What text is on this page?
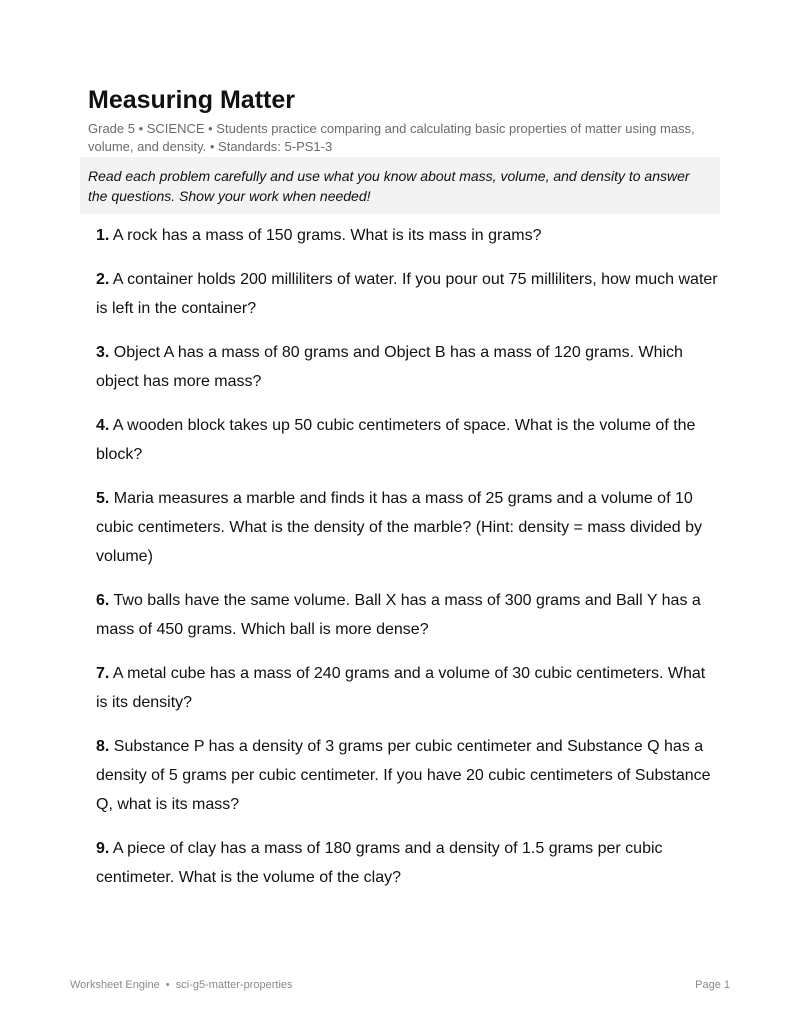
Measuring Matter
Grade 5 • SCIENCE • Students practice comparing and calculating basic properties of matter using mass, volume, and density. • Standards: 5-PS1-3
Read each problem carefully and use what you know about mass, volume, and density to answer the questions. Show your work when needed!
1. A rock has a mass of 150 grams. What is its mass in grams?
2. A container holds 200 milliliters of water. If you pour out 75 milliliters, how much water is left in the container?
3. Object A has a mass of 80 grams and Object B has a mass of 120 grams. Which object has more mass?
4. A wooden block takes up 50 cubic centimeters of space. What is the volume of the block?
5. Maria measures a marble and finds it has a mass of 25 grams and a volume of 10 cubic centimeters. What is the density of the marble? (Hint: density = mass divided by volume)
6. Two balls have the same volume. Ball X has a mass of 300 grams and Ball Y has a mass of 450 grams. Which ball is more dense?
7. A metal cube has a mass of 240 grams and a volume of 30 cubic centimeters. What is its density?
8. Substance P has a density of 3 grams per cubic centimeter and Substance Q has a density of 5 grams per cubic centimeter. If you have 20 cubic centimeters of Substance Q, what is its mass?
9. A piece of clay has a mass of 180 grams and a density of 1.5 grams per cubic centimeter. What is the volume of the clay?
Worksheet Engine  •  sci-g5-matter-properties	Page 1
